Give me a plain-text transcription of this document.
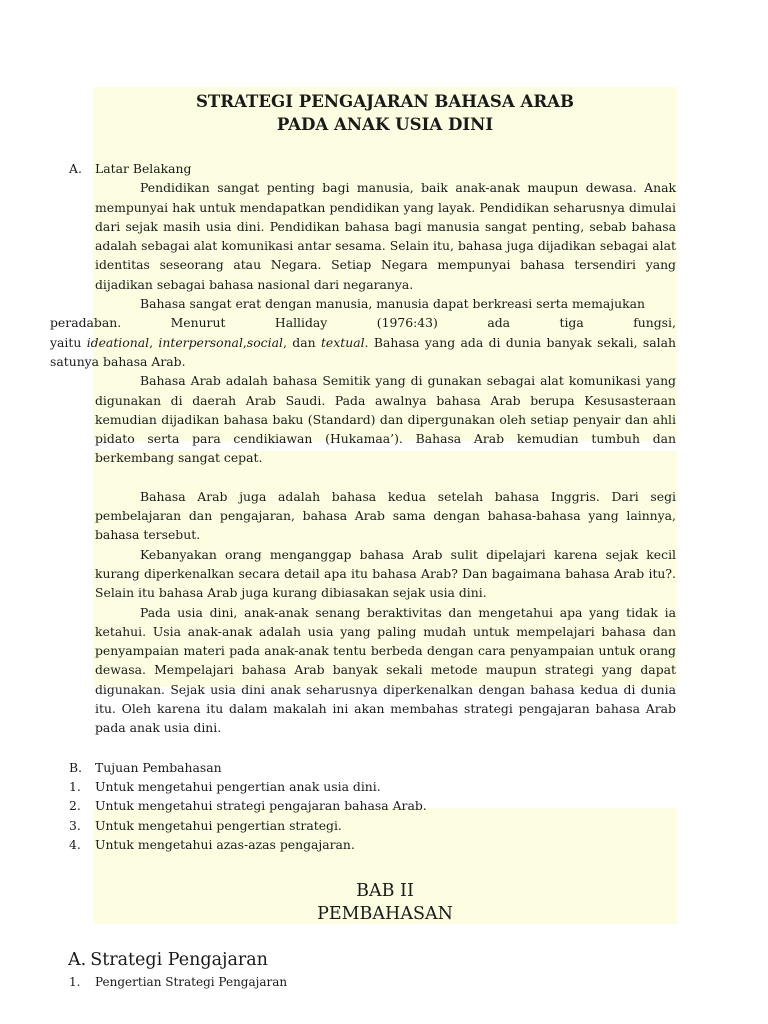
STRATEGI PENGAJARAN BAHASA ARAB
PADA ANAK USIA DINI
A. Latar Belakang
Pendidikan sangat penting bagi manusia, baik anak-anak maupun dewasa. Anak mempunyai hak untuk mendapatkan pendidikan yang layak. Pendidikan seharusnya dimulai dari sejak masih usia dini. Pendidikan bahasa bagi manusia sangat penting, sebab bahasa adalah sebagai alat komunikasi antar sesama. Selain itu, bahasa juga dijadikan sebagai alat identitas seseorang atau Negara. Setiap Negara mempunyai bahasa tersendiri yang dijadikan sebagai bahasa nasional dari negaranya.
Bahasa sangat erat dengan manusia, manusia dapat berkreasi serta memajukan
peradaban.	Menurut	Halliday	(1976:43)	ada	tiga	fungsi,
yaitu ideational, interpersonal,social, dan textual. Bahasa yang ada di dunia banyak sekali, salah satunya bahasa Arab.
Bahasa Arab adalah bahasa Semitik yang di gunakan sebagai alat komunikasi yang digunakan di daerah Arab Saudi. Pada awalnya bahasa Arab berupa Kesusasteraan kemudian dijadikan bahasa baku (Standard) dan dipergunakan oleh setiap penyair dan ahli pidato serta para cendikiawan (Hukamaa’). Bahasa Arab kemudian tumbuh dan berkembang sangat cepat.
Bahasa Arab juga adalah bahasa kedua setelah bahasa Inggris. Dari segi pembelajaran dan pengajaran, bahasa Arab sama dengan bahasa-bahasa yang lainnya, bahasa tersebut.
Kebanyakan orang menganggap bahasa Arab sulit dipelajari karena sejak kecil kurang diperkenalkan secara detail apa itu bahasa Arab? Dan bagaimana bahasa Arab itu?. Selain itu bahasa Arab juga kurang dibiasakan sejak usia dini.
Pada usia dini, anak-anak senang beraktivitas dan mengetahui apa yang tidak ia ketahui. Usia anak-anak adalah usia yang paling mudah untuk mempelajari bahasa dan penyampaian materi pada anak-anak tentu berbeda dengan cara penyampaian untuk orang dewasa. Mempelajari bahasa Arab banyak sekali metode maupun strategi yang dapat digunakan. Sejak usia dini anak seharusnya diperkenalkan dengan bahasa kedua di dunia itu. Oleh karena itu dalam makalah ini akan membahas strategi pengajaran bahasa Arab pada anak usia dini.
B. Tujuan Pembahasan
1. Untuk mengetahui pengertian anak usia dini.
2. Untuk mengetahui strategi pengajaran bahasa Arab.
3. Untuk mengetahui pengertian strategi.
4. Untuk mengetahui azas-azas pengajaran.
BAB II
PEMBAHASAN
A. Strategi Pengajaran
1. Pengertian Strategi Pengajaran
